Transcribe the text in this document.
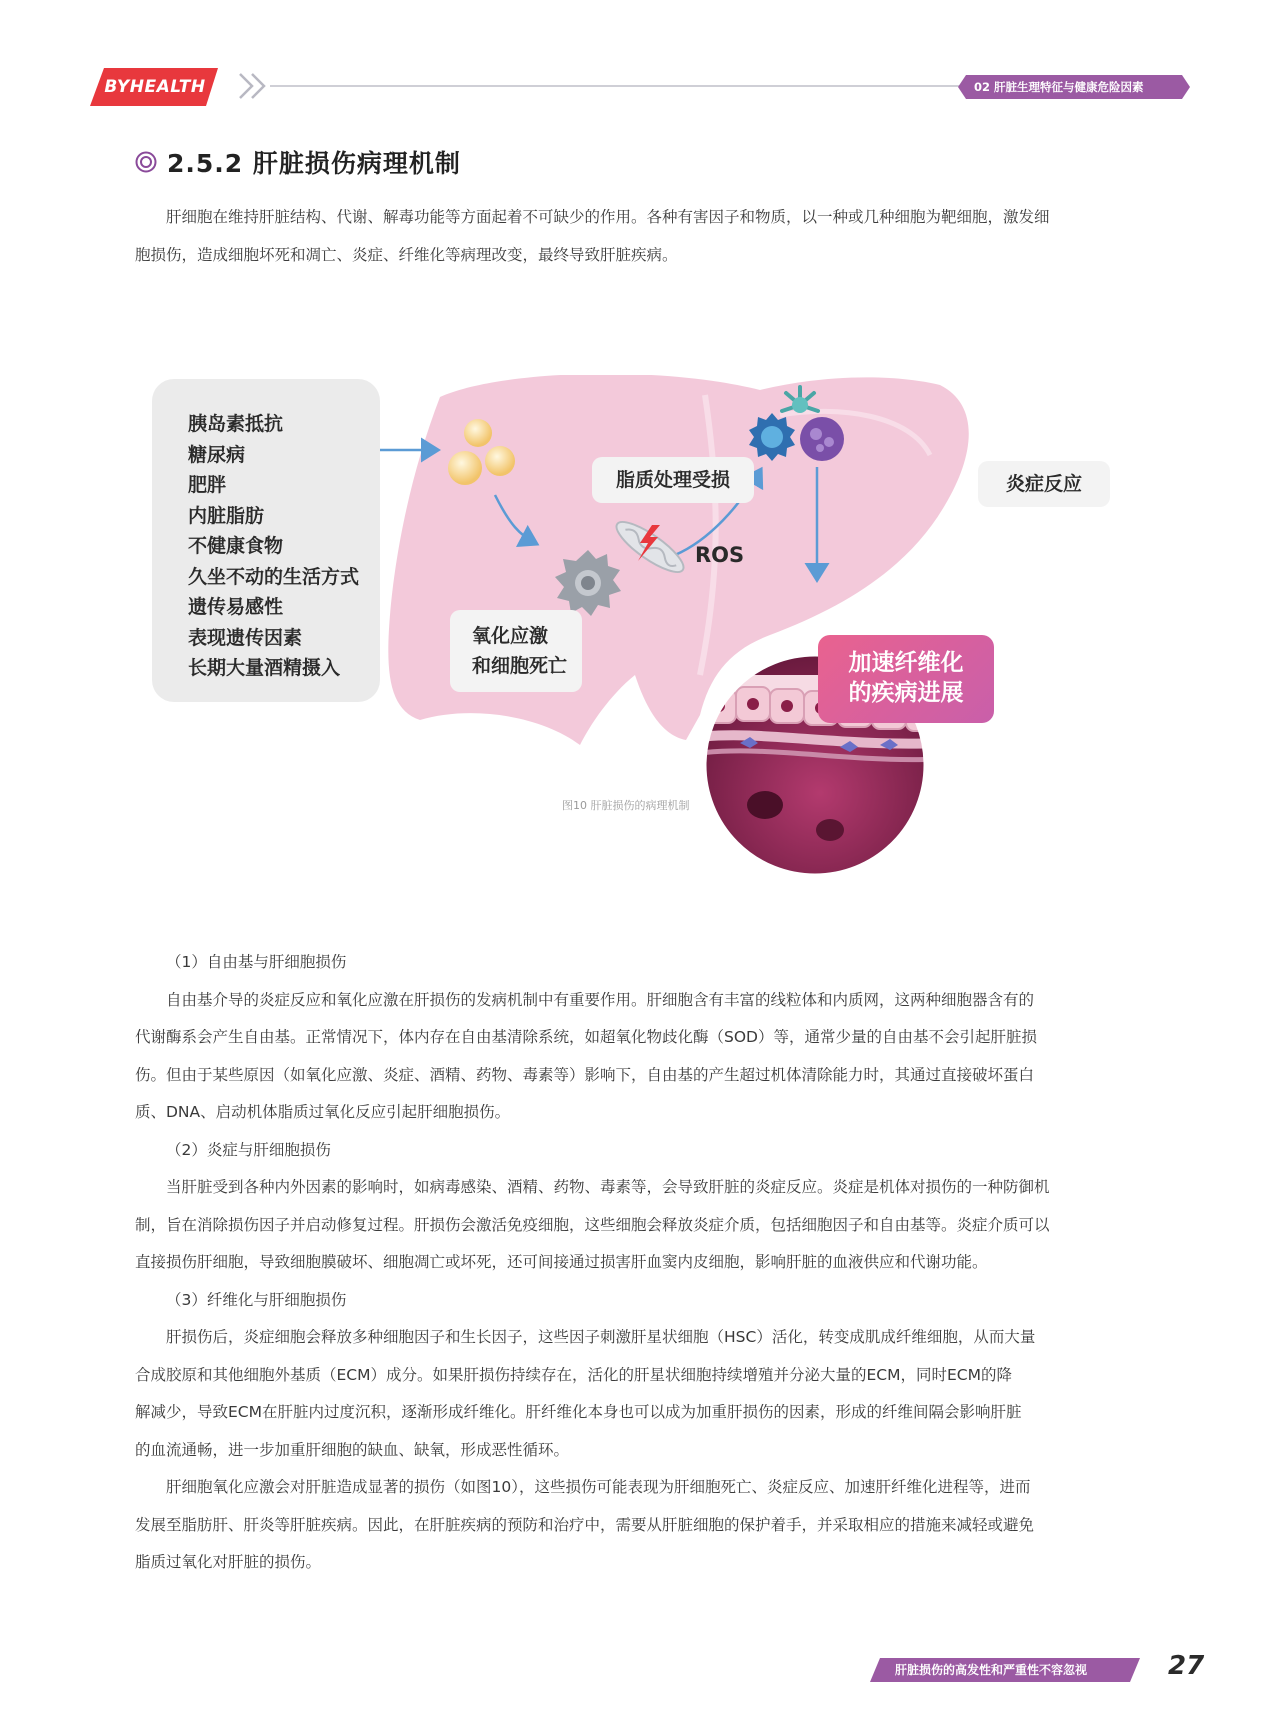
BYHEALTH	02 肝脏生理特征与健康危险因素
2.5.2 肝脏损伤病理机制
肝细胞在维持肝脏结构、代谢、解毒功能等方面起着不可缺少的作用。各种有害因子和物质，以一种或几种细胞为靶细胞，激发细
胞损伤，造成细胞坏死和凋亡、炎症、纤维化等病理改变，最终导致肝脏疾病。
胰岛素抵抗
糖尿病
肥胖
内脏脂肪
不健康食物
久坐不动的生活方式
遗传易感性
表现遗传因素
长期大量酒精摄入
脂质处理受损
氧化应激
和细胞死亡
炎症反应
ROS
加速纤维化
的疾病进展
图10 肝脏损伤的病理机制
（1）自由基与肝细胞损伤
自由基介导的炎症反应和氧化应激在肝损伤的发病机制中有重要作用。肝细胞含有丰富的线粒体和内质网，这两种细胞器含有的
代谢酶系会产生自由基。正常情况下，体内存在自由基清除系统，如超氧化物歧化酶（SOD）等，通常少量的自由基不会引起肝脏损
伤。但由于某些原因（如氧化应激、炎症、酒精、药物、毒素等）影响下，自由基的产生超过机体清除能力时，其通过直接破坏蛋白
质、DNA、启动机体脂质过氧化反应引起肝细胞损伤。
（2）炎症与肝细胞损伤
当肝脏受到各种内外因素的影响时，如病毒感染、酒精、药物、毒素等，会导致肝脏的炎症反应。炎症是机体对损伤的一种防御机
制，旨在消除损伤因子并启动修复过程。肝损伤会激活免疫细胞，这些细胞会释放炎症介质，包括细胞因子和自由基等。炎症介质可以
直接损伤肝细胞，导致细胞膜破坏、细胞凋亡或坏死，还可间接通过损害肝血窦内皮细胞，影响肝脏的血液供应和代谢功能。
（3）纤维化与肝细胞损伤
肝损伤后，炎症细胞会释放多种细胞因子和生长因子，这些因子刺激肝星状细胞（HSC）活化，转变成肌成纤维细胞，从而大量
合成胶原和其他细胞外基质（ECM）成分。如果肝损伤持续存在，活化的肝星状细胞持续增殖并分泌大量的ECM，同时ECM的降
解减少，导致ECM在肝脏内过度沉积，逐渐形成纤维化。肝纤维化本身也可以成为加重肝损伤的因素，形成的纤维间隔会影响肝脏
的血流通畅，进一步加重肝细胞的缺血、缺氧，形成恶性循环。
肝细胞氧化应激会对肝脏造成显著的损伤（如图10），这些损伤可能表现为肝细胞死亡、炎症反应、加速肝纤维化进程等，进而
发展至脂肪肝、肝炎等肝脏疾病。因此，在肝脏疾病的预防和治疗中，需要从肝脏细胞的保护着手，并采取相应的措施来减轻或避免
脂质过氧化对肝脏的损伤。
肝脏损伤的高发性和严重性不容忽视	27
